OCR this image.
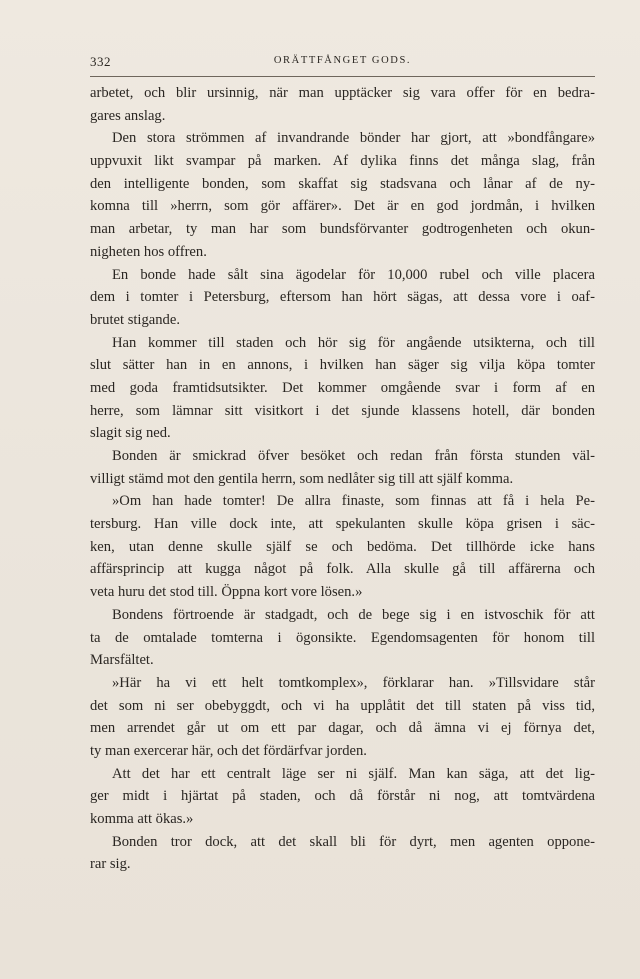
332	ORÄTTFÅNGET GODS.
arbetet, och blir ursinnig, när man upptäcker sig vara offer för en bedra-
gares anslag.
Den stora strömmen af invandrande bönder har gjort, att »bondfångare»
uppvuxit likt svampar på marken. Af dylika finns det många slag, från
den intelligente bonden, som skaffat sig stadsvana och lånar af de ny-
komna till »herrn, som gör affärer». Det är en god jordmån, i hvilken
man arbetar, ty man har som bundsförvanter godtrogenheten och okun-
nigheten hos offren.
En bonde hade sålt sina ägodelar för 10,000 rubel och ville placera
dem i tomter i Petersburg, eftersom han hört sägas, att dessa vore i oaf-
brutet stigande.
Han kommer till staden och hör sig för angående utsikterna, och till
slut sätter han in en annons, i hvilken han säger sig vilja köpa tomter
med goda framtidsutsikter. Det kommer omgående svar i form af en
herre, som lämnar sitt visitkort i det sjunde klassens hotell, där bonden
slagit sig ned.
Bonden är smickrad öfver besöket och redan från första stunden väl-
villigt stämd mot den gentila herrn, som nedlåter sig till att själf komma.
»Om han hade tomter! De allra finaste, som finnas att få i hela Pe-
tersburg. Han ville dock inte, att spekulanten skulle köpa grisen i säc-
ken, utan denne skulle själf se och bedöma. Det tillhörde icke hans
affärsprincip att kugga något på folk. Alla skulle gå till affärerna och
veta huru det stod till. Öppna kort vore lösen.»
Bondens förtroende är stadgadt, och de bege sig i en istvoschik för att
ta de omtalade tomterna i ögonsikte. Egendomsagenten för honom till
Marsfältet.
»Här ha vi ett helt tomtkomplex», förklarar han. »Tillsvidare står
det som ni ser obebyggdt, och vi ha upplåtit det till staten på viss tid,
men arrendet går ut om ett par dagar, och då ämna vi ej förnya det,
ty man exercerar här, och det fördärfvar jorden.
Att det har ett centralt läge ser ni själf. Man kan säga, att det lig-
ger midt i hjärtat på staden, och då förstår ni nog, att tomtvärdena
komma att ökas.»
Bonden tror dock, att det skall bli för dyrt, men agenten oppone-
rar sig.
